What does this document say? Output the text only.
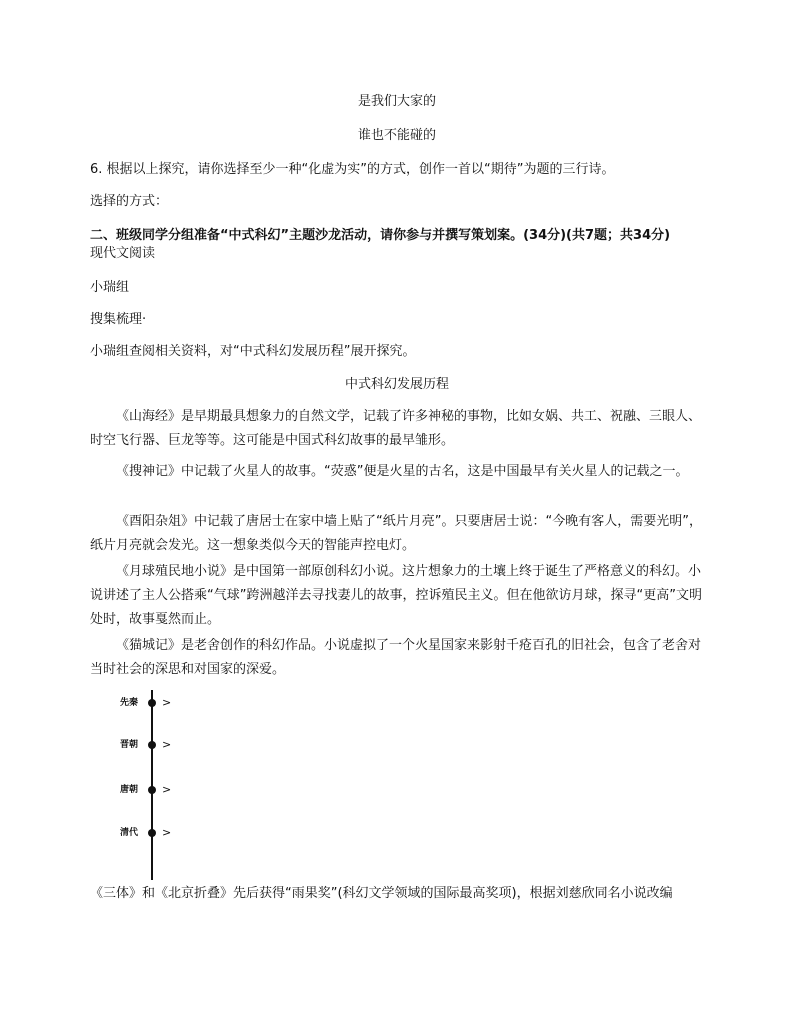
是我们大家的
谁也不能碰的
6. 根据以上探究，请你选择至少一种“化虚为实”的方式，创作一首以“期待”为题的三行诗。
选择的方式：
二、班级同学分组准备“中式科幻”主题沙龙活动，请你参与并撰写策划案。(34分)(共7题；共34分)
现代文阅读
小瑞组
搜集梳理·
小瑞组查阅相关资料，对“中式科幻发展历程”展开探究。
中式科幻发展历程
《山海经》是早期最具想象力的自然文学，记载了许多神秘的事物，比如女娲、共工、祝融、三眼人、时空飞行器、巨龙等等。这可能是中国式科幻故事的最早雏形。
《搜神记》中记载了火星人的故事。“荧惑”便是火星的古名，这是中国最早有关火星人的记载之一。
《酉阳杂俎》中记载了唐居士在家中墙上贴了“纸片月亮”。只要唐居士说：“今晚有客人，需要光明”，纸片月亮就会发光。这一想象类似今天的智能声控电灯。
《月球殖民地小说》是中国第一部原创科幻小说。这片想象力的土壤上终于诞生了严格意义的科幻。小说讲述了主人公搭乘“气球”跨洲越洋去寻找妻儿的故事，控诉殖民主义。但在他欲访月球，探寻“更高”文明处时，故事戛然而止。
《猫城记》是老舍创作的科幻作品。小说虚拟了一个火星国家来影射千疮百孔的旧社会，包含了老舍对当时社会的深思和对国家的深爱。
先秦 >
晋朝 >
唐朝 >
清代 >
《三体》和《北京折叠》先后获得“雨果奖”(科幻文学领域的国际最高奖项)，根据刘慈欣同名小说改编
